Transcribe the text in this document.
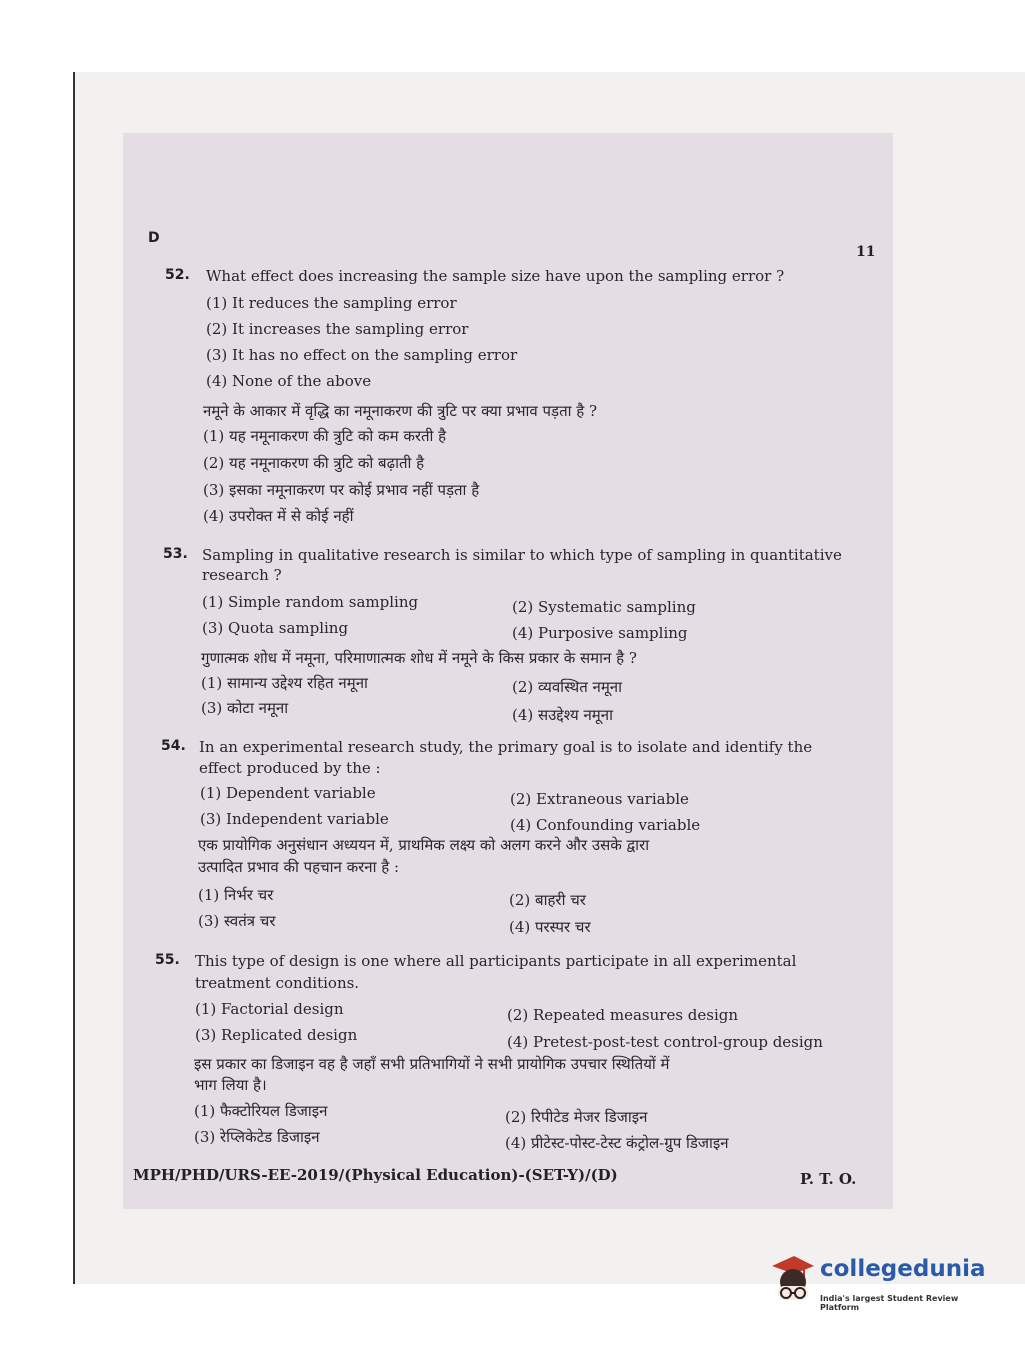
D
11
52. What effect does increasing the sample size have upon the sampling error ?
(1) It reduces the sampling error
(2) It increases the sampling error
(3) It has no effect on the sampling error
(4) None of the above
नमूने के आकार में वृद्धि का नमूनाकरण की त्रुटि पर क्या प्रभाव पड़ता है ?
(1) यह नमूनाकरण की त्रुटि को कम करती है
(2) यह नमूनाकरण की त्रुटि को बढ़ाती है
(3) इसका नमूनाकरण पर कोई प्रभाव नहीं पड़ता है
(4) उपरोक्त में से कोई नहीं
53. Sampling in qualitative research is similar to which type of sampling in quantitative
research ?
(1) Simple random sampling	(2) Systematic sampling
(3) Quota sampling	(4) Purposive sampling
गुणात्मक शोध में नमूना, परिमाणात्मक शोध में नमूने के किस प्रकार के समान है ?
(1) सामान्य उद्देश्य रहित नमूना	(2) व्यवस्थित नमूना
(3) कोटा नमूना	(4) सउद्देश्य नमूना
54. In an experimental research study, the primary goal is to isolate and identify the
effect produced by the :
(1) Dependent variable	(2) Extraneous variable
(3) Independent variable	(4) Confounding variable
एक प्रायोगिक अनुसंधान अध्ययन में, प्राथमिक लक्ष्य को अलग करने और उसके द्वारा
उत्पादित प्रभाव की पहचान करना है :
(1) निर्भर चर	(2) बाहरी चर
(3) स्वतंत्र चर	(4) परस्पर चर
55. This type of design is one where all participants participate in all experimental
treatment conditions.
(1) Factorial design	(2) Repeated measures design
(3) Replicated design	(4) Pretest-post-test control-group design
इस प्रकार का डिजाइन वह है जहाँ सभी प्रतिभागियों ने सभी प्रायोगिक उपचार स्थितियों में
भाग लिया है।
(1) फैक्टोरियल डिजाइन	(2) रिपीटेड मेजर डिजाइन
(3) रेप्लिकेटेड डिजाइन	(4) प्रीटेस्ट-पोस्ट-टेस्ट कंट्रोल-ग्रुप डिजाइन
MPH/PHD/URS-EE-2019/(Physical Education)-(SET-Y)/(D)	P. T. O.
collegedunia
India's largest Student Review Platform
